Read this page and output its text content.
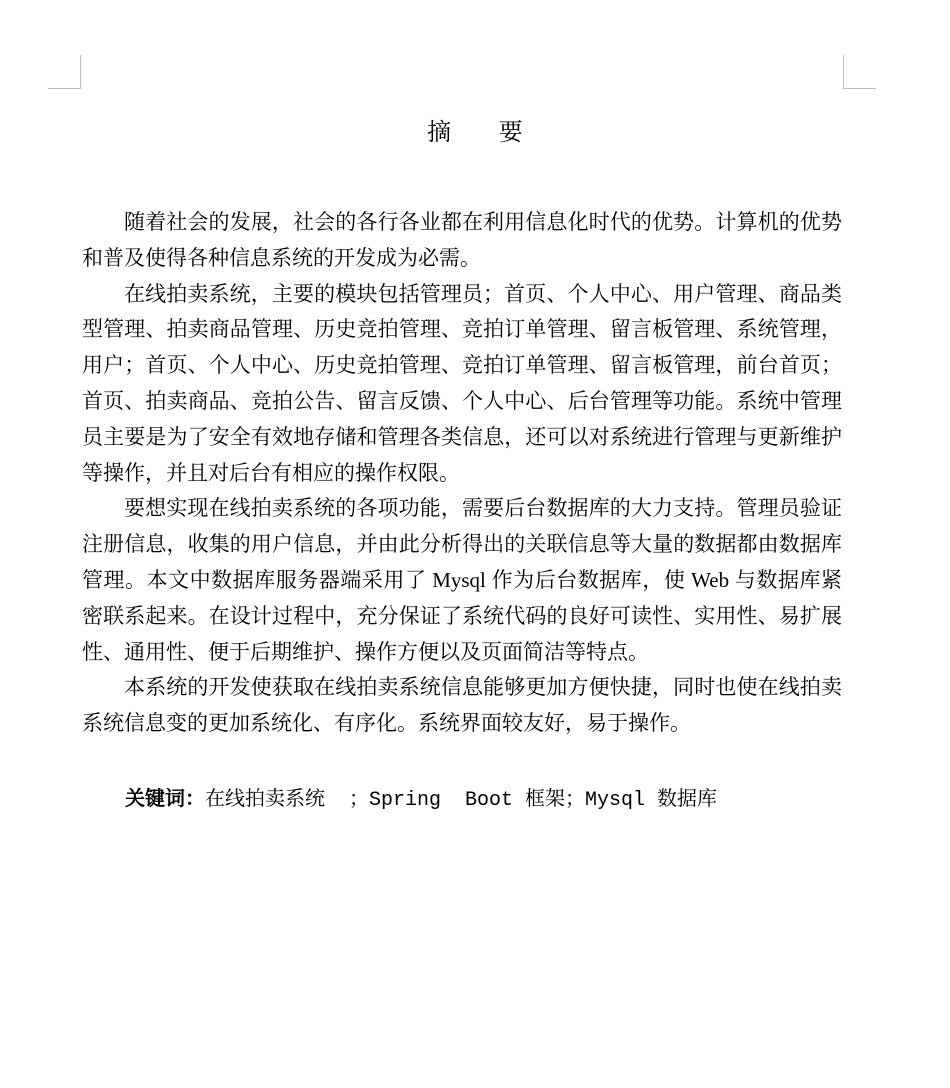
摘 要

随着社会的发展，社会的各行各业都在利用信息化时代的优势。计算机的优势和普及使得各种信息系统的开发成为必需。

在线拍卖系统，主要的模块包括管理员；首页、个人中心、用户管理、商品类型管理、拍卖商品管理、历史竞拍管理、竞拍订单管理、留言板管理、系统管理，用户；首页、个人中心、历史竞拍管理、竞拍订单管理、留言板管理，前台首页；首页、拍卖商品、竞拍公告、留言反馈、个人中心、后台管理等功能。系统中管理员主要是为了安全有效地存储和管理各类信息，还可以对系统进行管理与更新维护等操作，并且对后台有相应的操作权限。

要想实现在线拍卖系统的各项功能，需要后台数据库的大力支持。管理员验证注册信息，收集的用户信息，并由此分析得出的关联信息等大量的数据都由数据库管理。本文中数据库服务器端采用了 Mysql 作为后台数据库，使 Web 与数据库紧密联系起来。在设计过程中，充分保证了系统代码的良好可读性、实用性、易扩展性、通用性、便于后期维护、操作方便以及页面简洁等特点。

本系统的开发使获取在线拍卖系统信息能够更加方便快捷，同时也使在线拍卖系统信息变的更加系统化、有序化。系统界面较友好，易于操作。

关键词：在线拍卖系统  ；Spring  Boot 框架；Mysql 数据库
